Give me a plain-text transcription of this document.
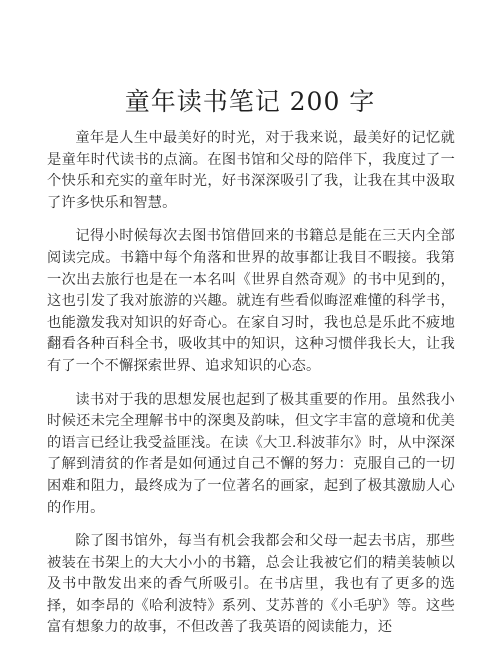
童年读书笔记 200 字

童年是人生中最美好的时光，对于我来说，最美好的记忆就是童年时代读书的点滴。在图书馆和父母的陪伴下，我度过了一个快乐和充实的童年时光，好书深深吸引了我，让我在其中汲取了许多快乐和智慧。

记得小时候每次去图书馆借回来的书籍总是能在三天内全部阅读完成。书籍中每个角落和世界的故事都让我目不暇接。我第一次出去旅行也是在一本名叫《世界自然奇观》的书中见到的，这也引发了我对旅游的兴趣。就连有些看似晦涩难懂的科学书，也能激发我对知识的好奇心。在家自习时，我也总是乐此不疲地翻看各种百科全书，吸收其中的知识，这种习惯伴我长大，让我有了一个不懈探索世界、追求知识的心态。

读书对于我的思想发展也起到了极其重要的作用。虽然我小时候还未完全理解书中的深奥及韵味，但文字丰富的意境和优美的语言已经让我受益匪浅。在读《大卫.科波菲尔》时，从中深深了解到清贫的作者是如何通过自己不懈的努力：克服自己的一切困难和阻力，最终成为了一位著名的画家，起到了极其激励人心的作用。

除了图书馆外，每当有机会我都会和父母一起去书店，那些被装在书架上的大大小小的书籍，总会让我被它们的精美装帧以及书中散发出来的香气所吸引。在书店里，我也有了更多的选择，如李昂的《哈利波特》系列、艾苏普的《小毛驴》等。这些富有想象力的故事，不但改善了我英语的阅读能力，还
